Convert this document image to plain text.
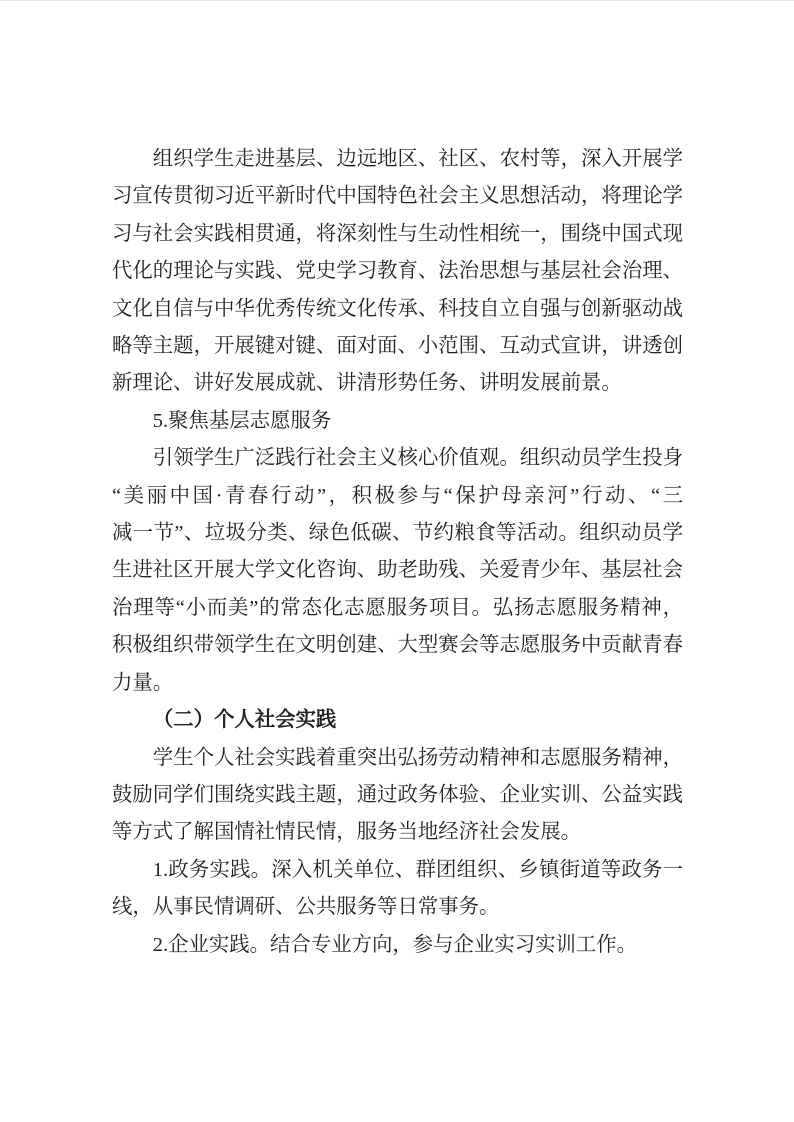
组织学生走进基层、边远地区、社区、农村等，深入开展学
习宣传贯彻习近平新时代中国特色社会主义思想活动，将理论学
习与社会实践相贯通，将深刻性与生动性相统一，围绕中国式现
代化的理论与实践、党史学习教育、法治思想与基层社会治理、
文化自信与中华优秀传统文化传承、科技自立自强与创新驱动战
略等主题，开展键对键、面对面、小范围、互动式宣讲，讲透创
新理论、讲好发展成就、讲清形势任务、讲明发展前景。
5.聚焦基层志愿服务
引领学生广泛践行社会主义核心价值观。组织动员学生投身
“美丽中国·青春行动”，积极参与“保护母亲河”行动、“三
减一节”、垃圾分类、绿色低碳、节约粮食等活动。组织动员学
生进社区开展大学文化咨询、助老助残、关爱青少年、基层社会
治理等“小而美”的常态化志愿服务项目。弘扬志愿服务精神，
积极组织带领学生在文明创建、大型赛会等志愿服务中贡献青春
力量。
（二）个人社会实践
学生个人社会实践着重突出弘扬劳动精神和志愿服务精神，
鼓励同学们围绕实践主题，通过政务体验、企业实训、公益实践
等方式了解国情社情民情，服务当地经济社会发展。
1.政务实践。深入机关单位、群团组织、乡镇街道等政务一
线，从事民情调研、公共服务等日常事务。
2.企业实践。结合专业方向，参与企业实习实训工作。
